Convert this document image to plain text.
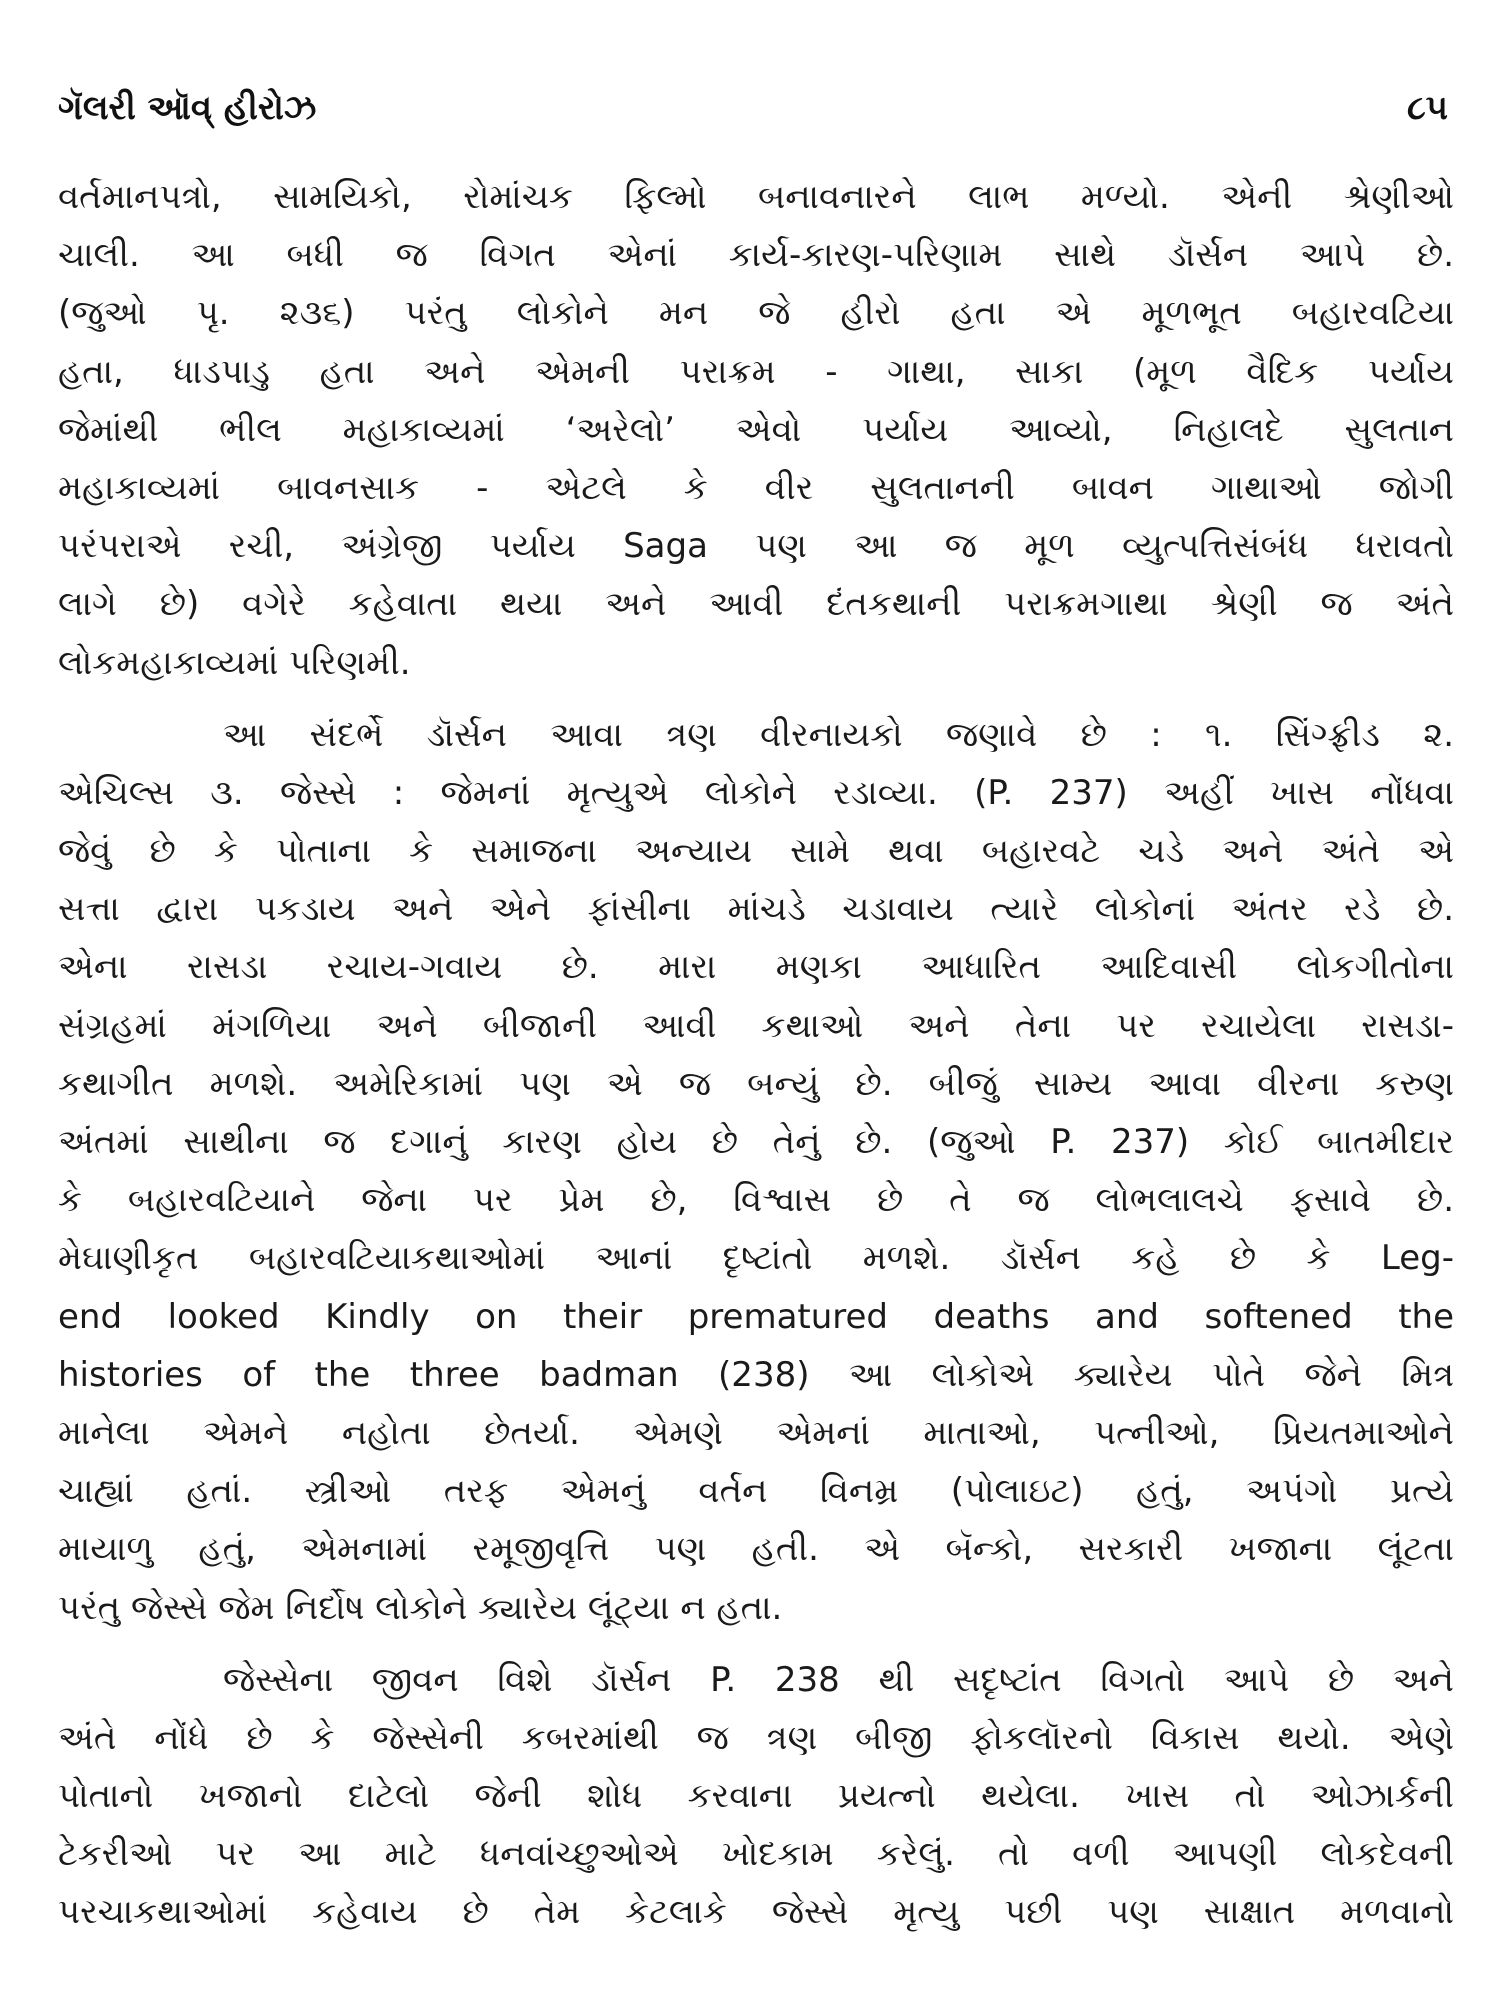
ગૅલરી ઑવ્ હીરોઝ	૮૫
વર્તમાનપત્રો, સામયિકો, રોમાંચક ફિલ્મો બનાવનારને લાભ મળ્યો. એની શ્રેણીઓ
ચાલી. આ બધી જ વિગત એનાં કાર્ય-કારણ-પરિણામ સાથે ડૉર્સન આપે છે.
(જુઓ પૃ. ૨૩૬) પરંતુ લોકોને મન જે હીરો હતા એ મૂળભૂત બહારવટિયા
હતા, ધાડપાડુ હતા અને એમની પરાક્રમ - ગાથા, સાકા (મૂળ વૈદિક પર્યાય
જેમાંથી ભીલ મહાકાવ્યમાં ‘અરેલો’ એવો પર્યાય આવ્યો, નિહાલદે સુલતાન
મહાકાવ્યમાં બાવનસાક - એટલે કે વીર સુલતાનની બાવન ગાથાઓ જોગી
પરંપરાએ રચી, અંગ્રેજી પર્યાય Saga પણ આ જ મૂળ વ્યુત્પત્તિસંબંધ ધરાવતો
લાગે છે) વગેરે કહેવાતા થયા અને આવી દંતકથાની પરાક્રમગાથા શ્રેણી જ અંતે
લોકમહાકાવ્યમાં પરિણમી.
આ સંદર્ભે ડૉર્સન આવા ત્રણ વીરનાયકો જણાવે છે : ૧. સિંગ્ફ્રીડ ૨.
એચિલ્સ ૩. જેસ્સે : જેમનાં મૃત્યુએ લોકોને રડાવ્યા. (P. 237) અહીં ખાસ નોંધવા
જેવું છે કે પોતાના કે સમાજના અન્યાય સામે થવા બહારવટે ચડે અને અંતે એ
સત્તા દ્વારા પકડાય અને એને ફાંસીના માંચડે ચડાવાય ત્યારે લોકોનાં અંતર રડે છે.
એના રાસડા રચાય-ગવાય છે. મારા મણકા આધારિત આદિવાસી લોકગીતોના
સંગ્રહમાં મંગળિયા અને બીજાની આવી કથાઓ અને તેના પર રચાયેલા રાસડા-
કથાગીત મળશે. અમેરિકામાં પણ એ જ બન્યું છે. બીજું સામ્ય આવા વીરના કરુણ
અંતમાં સાથીના જ દગાનું કારણ હોય છે તેનું છે. (જુઓ P. 237) કોઈ બાતમીદાર
કે બહારવટિયાને જેના પર પ્રેમ છે, વિશ્વાસ છે તે જ લોભલાલચે ફસાવે છે.
મેઘાણીકૃત બહારવટિયાકથાઓમાં આનાં દૃષ્ટાંતો મળશે. ડૉર્સન કહે છે કે Leg-
end looked Kindly on their prematured deaths and softened the
histories of the three badman (238) આ લોકોએ ક્યારેય પોતે જેને મિત્ર
માનેલા એમને નહોતા છેતર્યા. એમણે એમનાં માતાઓ, પત્નીઓ, પ્રિયતમાઓને
ચાહ્યાં હતાં. સ્ત્રીઓ તરફ એમનું વર્તન વિનમ્ર (પોલાઇટ) હતું, અપંગો પ્રત્યે
માયાળુ હતું, એમનામાં રમૂજીવૃત્તિ પણ હતી. એ બૅન્કો, સરકારી ખજાના લૂંટતા
પરંતુ જેસ્સે જેમ નિર્દોષ લોકોને ક્યારેય લૂંટ્યા ન હતા.
જેસ્સેના જીવન વિશે ડૉર્સન P. 238 થી સદૃષ્ટાંત વિગતો આપે છે અને
અંતે નોંધે છે કે જેસ્સેની કબરમાંથી જ ત્રણ બીજી ફોકલૉરનો વિકાસ થયો. એણે
પોતાનો ખજાનો દાટેલો જેની શોધ કરવાના પ્રયત્નો થયેલા. ખાસ તો ઓઝાર્કની
ટેકરીઓ પર આ માટે ધનવાંચ્છુઓએ ખોદકામ કરેલું. તો વળી આપણી લોકદેવની
પરચાકથાઓમાં કહેવાય છે તેમ કેટલાકે જેસ્સે મૃત્યુ પછી પણ સાક્ષાત મળવાનો
